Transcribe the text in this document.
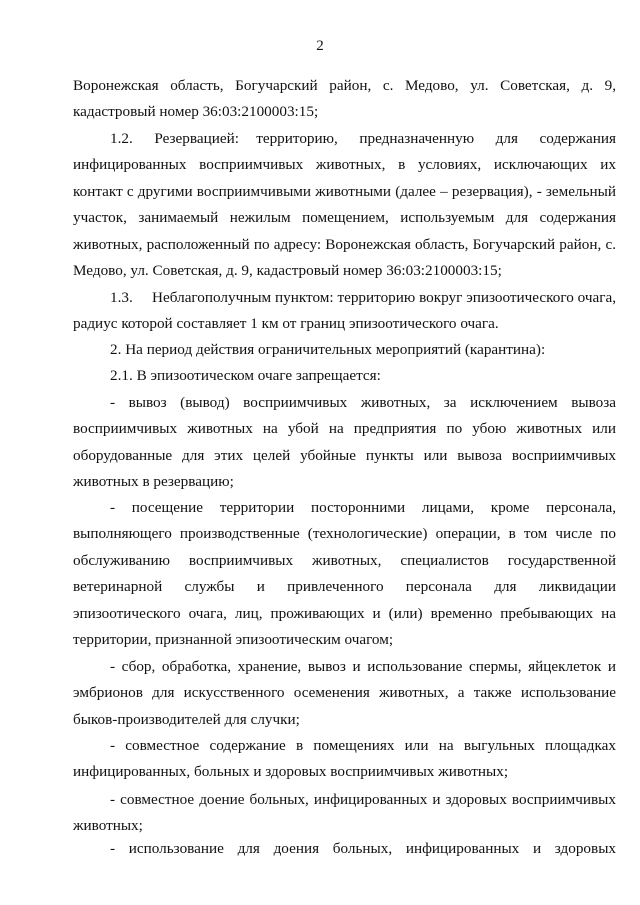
2

Воронежская область, Богучарский район, с. Медово, ул. Советская, д. 9, кадастровый номер 36:03:2100003:15;

1.2.     Резервацией:    территорию,     предназначенную     для     содержания инфицированных восприимчивых животных, в условиях, исключающих их контакт с другими восприимчивыми животными (далее – резервация), - земельный участок, занимаемый нежилым помещением, используемым для содержания животных, расположенный по адресу: Воронежская область, Богучарский район, с. Медово, ул. Советская, д. 9, кадастровый номер 36:03:2100003:15;

1.3.     Неблагополучным пунктом: территорию вокруг эпизоотического очага, радиус которой составляет 1 км от границ эпизоотического очага.

2. На период действия ограничительных мероприятий (карантина):

2.1. В эпизоотическом очаге запрещается:

- вывоз (вывод) восприимчивых животных, за исключением вывоза восприимчивых животных на убой на предприятия по убою животных или оборудованные для этих целей убойные пункты или вывоза восприимчивых животных в резервацию;

- посещение территории посторонними лицами, кроме персонала, выполняющего производственные (технологические) операции, в том числе по обслуживанию восприимчивых животных, специалистов государственной ветеринарной службы и привлеченного персонала для ликвидации эпизоотического очага, лиц, проживающих и (или) временно пребывающих на территории, признанной эпизоотическим очагом;

- сбор, обработка, хранение, вывоз и использование спермы, яйцеклеток и эмбрионов для искусственного осеменения животных, а также использование быков-производителей для случки;

- совместное содержание в помещениях или на выгульных площадках инфицированных, больных и здоровых восприимчивых животных;

- совместное доение больных, инфицированных и здоровых восприимчивых животных;

- использование для доения больных, инфицированных и здоровых
